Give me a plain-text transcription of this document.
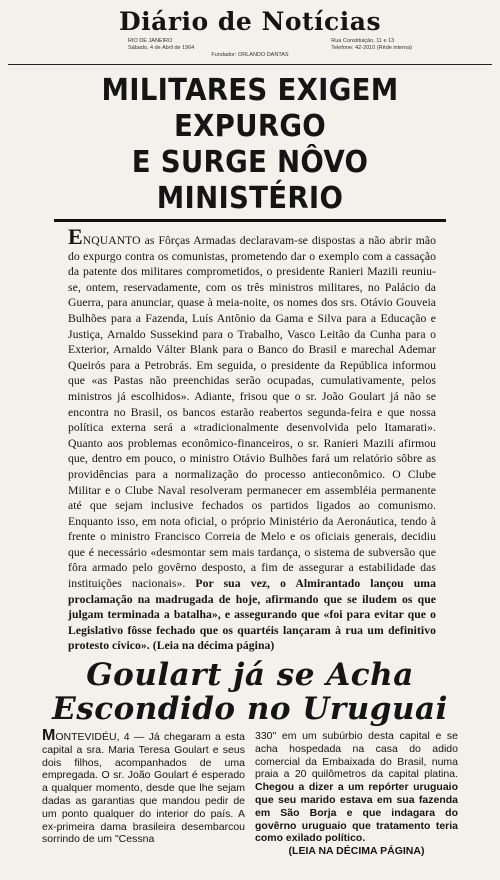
Diário de Notícias
RIO DE JANEIRO
Sábado, 4 de Abril de 1964
Fundador: ORLANDO DANTAS
Rua Constituição, 11 e 13
Telefone: 42-2010 (Rêde interna)
MILITARES EXIGEM EXPURGO
E SURGE NÔVO MINISTÉRIO
ENQUANTO as Fôrças Armadas declaravam-se dispostas a não abrir mão do expurgo contra os comunistas, prometendo dar o exemplo com a cassação da patente dos militares comprometidos, o presidente Ranieri Mazili reuniu-se, ontem, reservadamente, com os três ministros militares, no Palácio da Guerra, para anunciar, quase à meia-noite, os nomes dos srs. Otávio Gouveia Bulhões para a Fazenda, Luís Antônio da Gama e Silva para a Educação e Justiça, Arnaldo Sussekind para o Trabalho, Vasco Leitão da Cunha para o Exterior, Arnaldo Válter Blank para o Banco do Brasil e marechal Ademar Queirós para a Petrobrás. Em seguida, o presidente da República informou que «as Pastas não preenchidas serão ocupadas, cumulativamente, pelos ministros já escolhidos». Adiante, frisou que o sr. João Goulart já não se encontra no Brasil, os bancos estarão reabertos segunda-feira e que nossa política externa será a «tradicionalmente desenvolvida pelo Itamarati». Quanto aos problemas econômico-financeiros, o sr. Ranieri Mazili afirmou que, dentro em pouco, o ministro Otávio Bulhões fará um relatório sôbre as providências para a normalização do processo antieconômico. O Clube Militar e o Clube Naval resolveram permanecer em assembléia permanente até que sejam inclusive fechados os partidos ligados ao comunismo. Enquanto isso, em nota oficial, o próprio Ministério da Aeronáutica, tendo à frente o ministro Francisco Correia de Melo e os oficiais generais, decidiu que é necessário «desmontar sem mais tardança, o sistema de subversão que fôra armado pelo govêrno desposto, a fim de assegurar a estabilidade das instituições nacionais». Por sua vez, o Almirantado lançou uma proclamação na madrugada de hoje, afirmando que se iludem os que julgam terminada a batalha», e assegurando que «foi para evitar que o Legislativo fôsse fechado que os quartéis lançaram à rua um definitivo protesto cívico». (Leia na décima página)
Goulart já se Acha
Escondido no Uruguai
MONTEVIDÉU, 4 — Já chegaram a esta capital a sra. Maria Teresa Goulart e seus dois filhos, acompanhados de uma empregada. O sr. João Goulart é esperado a qualquer momento, desde que lhe sejam dadas as garantias que mandou pedir de um ponto qualquer do interior do país. A ex-primeira dama brasileira desembarcou sorrindo de um "Cessna
330" em um subúrbio desta capital e se acha hospedada na casa do adido comercial da Embaixada do Brasil, numa praia a 20 quilômetros da capital platina. Chegou a dizer a um repórter uruguaio que seu marido estava em sua fazenda em São Borja e que indagara do govêrno uruguaio que tratamento teria como exilado político.
(LEIA NA DÉCIMA PÁGINA)
